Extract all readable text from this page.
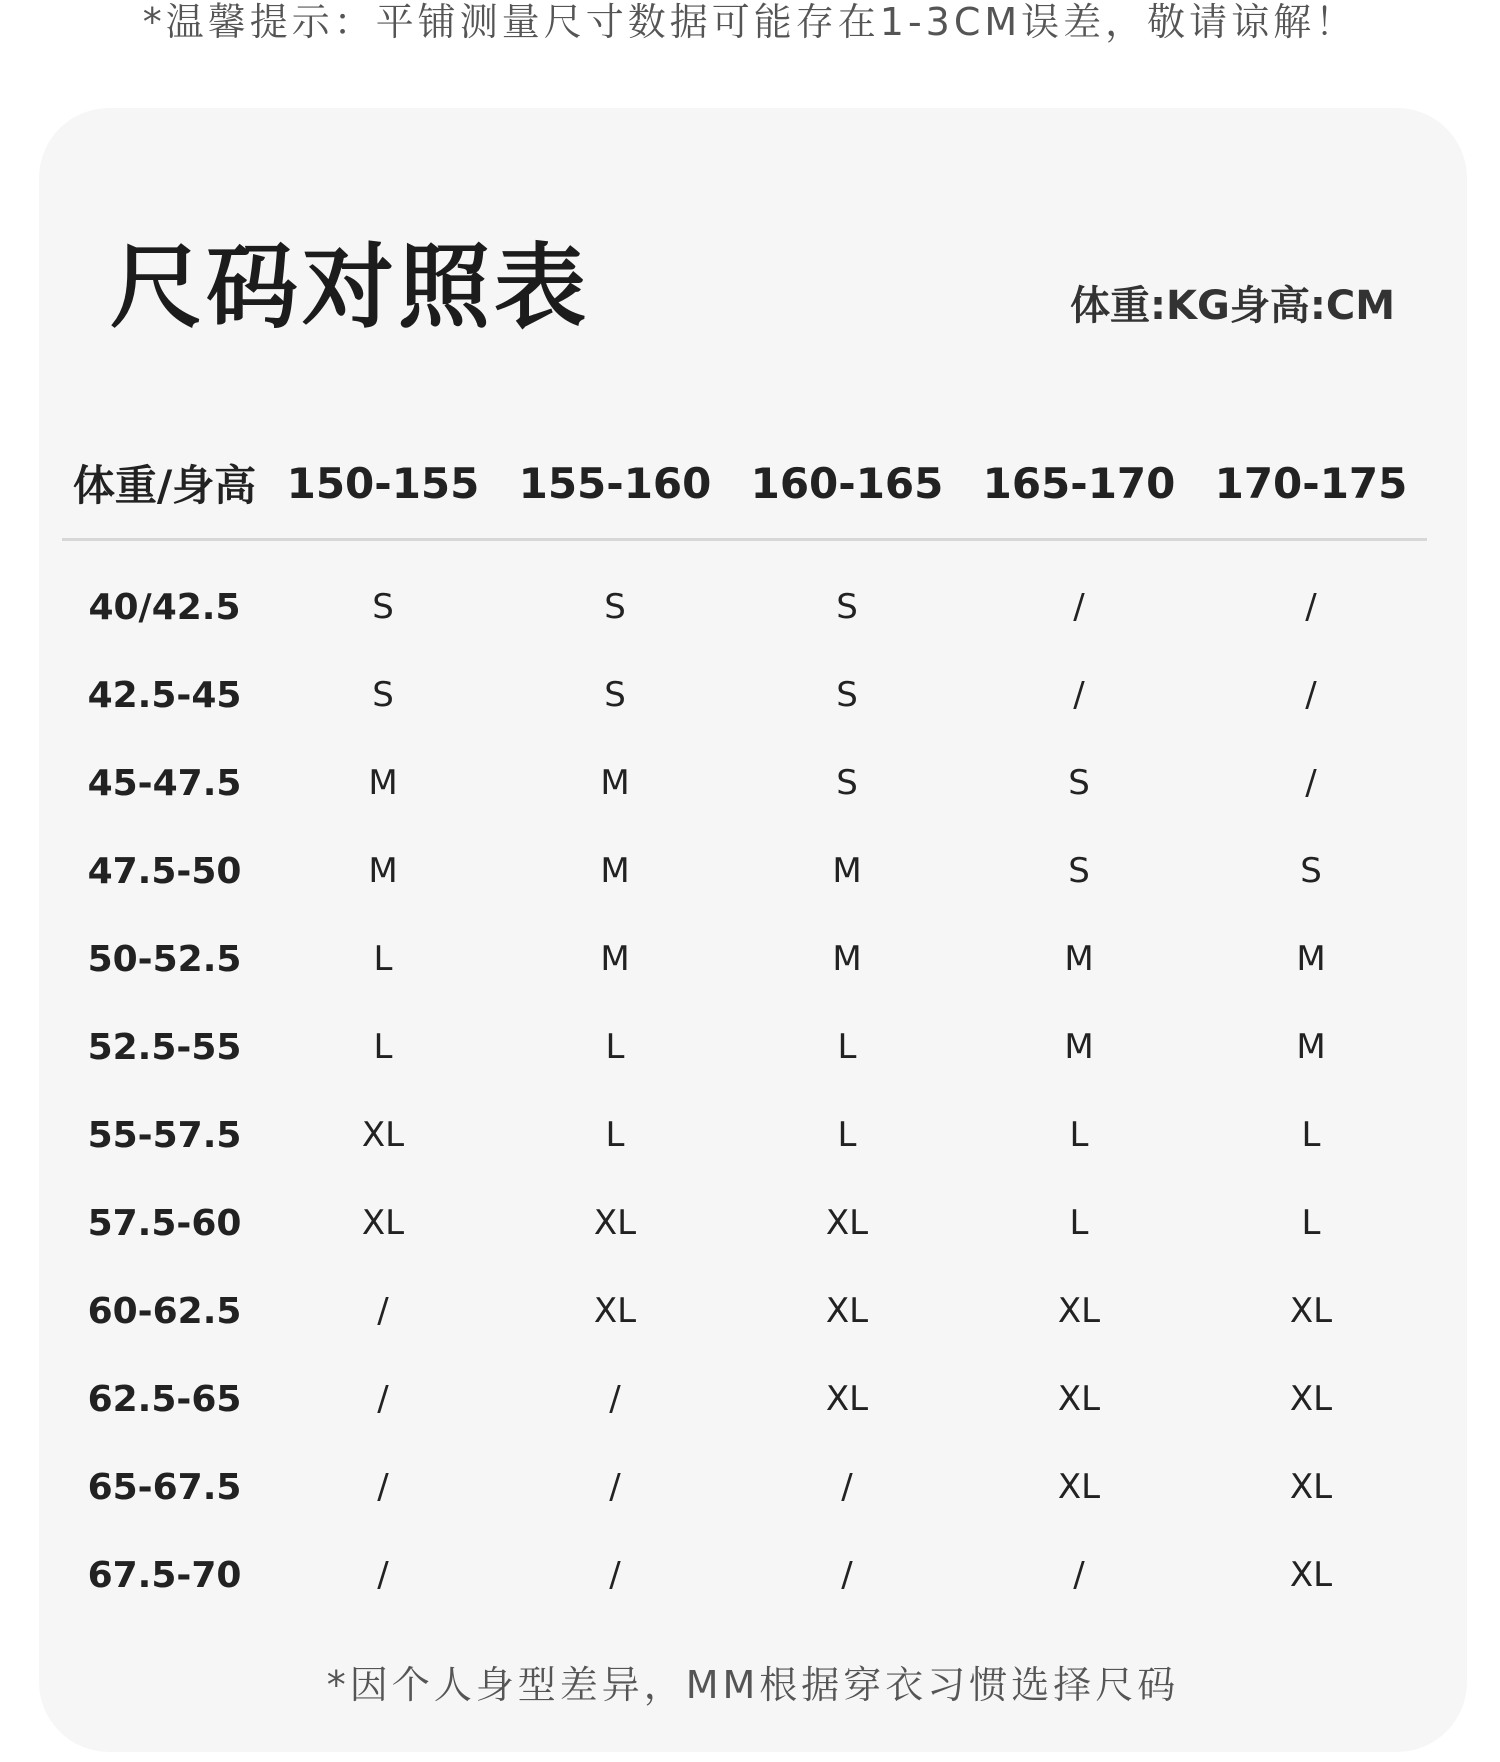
*温馨提示：平铺测量尺寸数据可能存在1-3CM误差，敬请谅解！
尺码对照表	体重:KG身高:CM
体重/身高	150-155	155-160	160-165	165-170	170-175
40/42.5	S	S	S	/	/
42.5-45	S	S	S	/	/
45-47.5	M	M	S	S	/
47.5-50	M	M	M	S	S
50-52.5	L	M	M	M	M
52.5-55	L	L	L	M	M
55-57.5	XL	L	L	L	L
57.5-60	XL	XL	XL	L	L
60-62.5	/	XL	XL	XL	XL
62.5-65	/	/	XL	XL	XL
65-67.5	/	/	/	XL	XL
67.5-70	/	/	/	/	XL
*因个人身型差异，MM根据穿衣习惯选择尺码
